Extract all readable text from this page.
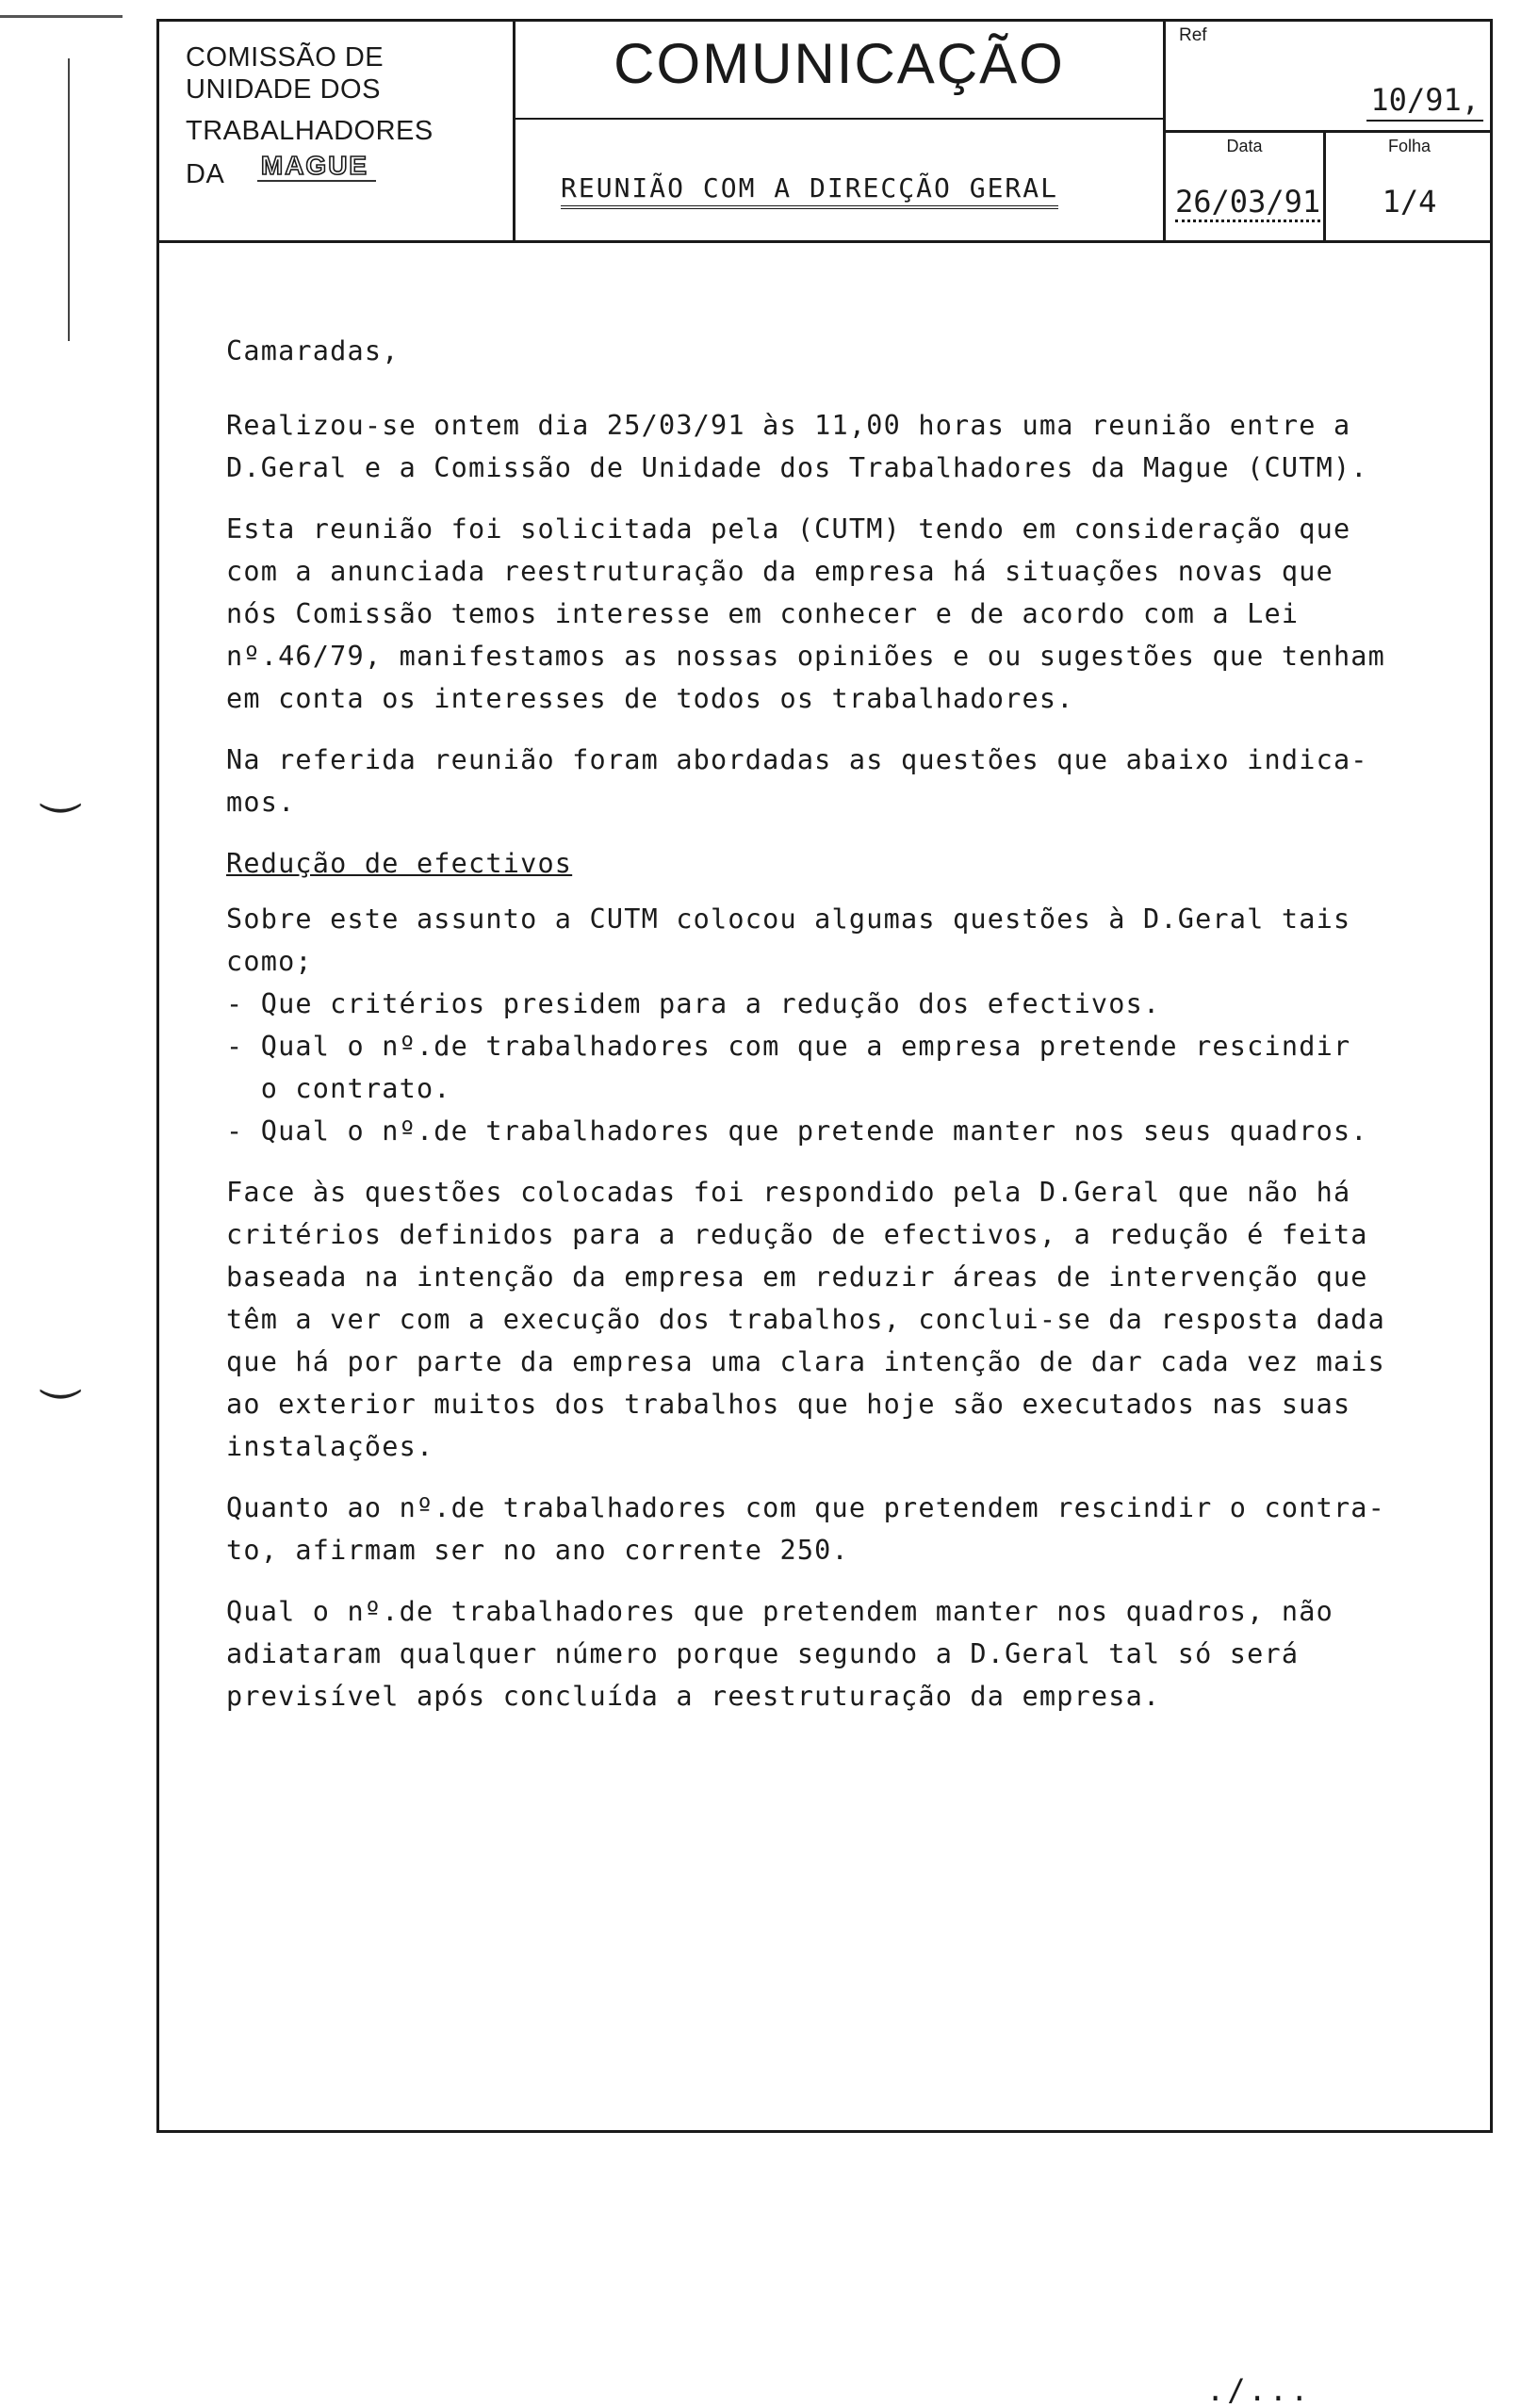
⏝
⏝
COMISSÃO DE
UNIDADE DOS
TRABALHADORES
DA MAGUE
COMUNICAÇÃO
REUNIÃO COM A DIRECÇÃO GERAL
Ref
10/91,
Data
26/03/91
Folha
1/4
Camaradas,
Realizou-se ontem dia 25/03/91 às 11,00 horas uma reunião entre a
D.Geral e a Comissão de Unidade dos Trabalhadores da Mague (CUTM).
Esta reunião foi solicitada pela (CUTM) tendo em consideração que
com a anunciada reestruturação da empresa há situações novas que
nós Comissão temos interesse em conhecer e de acordo com a Lei
nº.46/79, manifestamos as nossas opiniões e ou sugestões que tenham
em conta os interesses de todos os trabalhadores.
Na referida reunião foram abordadas as questões que abaixo indica-
mos.
Redução de efectivos
Sobre este assunto a CUTM colocou algumas questões à D.Geral tais
como;
- Que critérios presidem para a redução dos efectivos.
- Qual o nº.de trabalhadores com que a empresa pretende rescindir
o contrato.
- Qual o nº.de trabalhadores que pretende manter nos seus quadros.
Face às questões colocadas foi respondido pela D.Geral que não há
critérios definidos para a redução de efectivos, a redução é feita
baseada na intenção da empresa em reduzir áreas de intervenção que
têm a ver com a execução dos trabalhos, conclui-se da resposta dada
que há por parte da empresa uma clara intenção de dar cada vez mais
ao exterior muitos dos trabalhos que hoje são executados nas suas
instalações.
Quanto ao nº.de trabalhadores com que pretendem rescindir o contra-
to, afirmam ser no ano corrente 250.
Qual o nº.de trabalhadores que pretendem manter nos quadros, não
adiataram qualquer número porque segundo a D.Geral tal só será
previsível após concluída a reestruturação da empresa.
./...
